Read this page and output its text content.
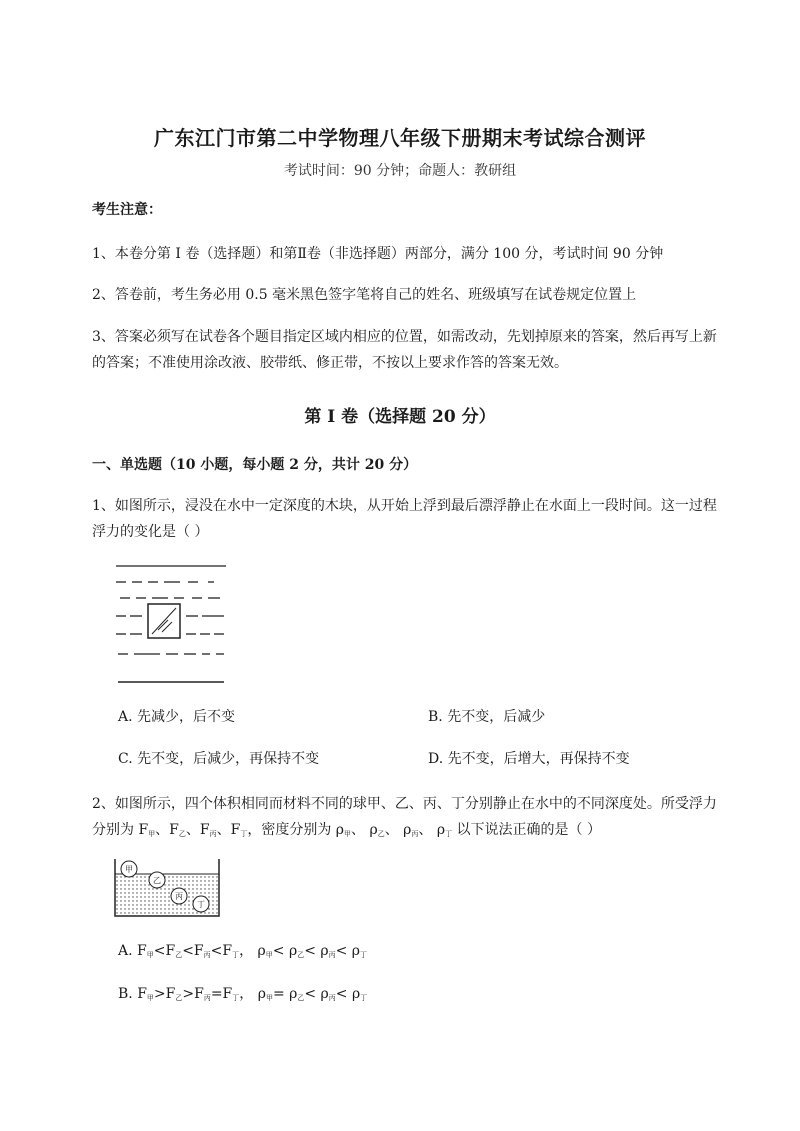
广东江门市第二中学物理八年级下册期末考试综合测评
考试时间：90 分钟；命题人：教研组
考生注意：
1、本卷分第 I 卷（选择题）和第Ⅱ卷（非选择题）两部分，满分 100 分，考试时间 90 分钟
2、答卷前，考生务必用 0.5 毫米黑色签字笔将自己的姓名、班级填写在试卷规定位置上
3、答案必须写在试卷各个题目指定区域内相应的位置，如需改动，先划掉原来的答案，然后再写上新
的答案；不准使用涂改液、胶带纸、修正带，不按以上要求作答的答案无效。
第 I 卷（选择题 20 分）
一、单选题（10 小题，每小题 2 分，共计 20 分）
1、如图所示，浸没在水中一定深度的木块，从开始上浮到最后漂浮静止在水面上一段时间。这一过程
浮力的变化是（ ）
A. 先减少，后不变	B. 先不变，后减少
C. 先不变，后减少，再保持不变	D. 先不变，后增大，再保持不变
2、如图所示，四个体积相同而材料不同的球甲、乙、丙、丁分别静止在水中的不同深度处。所受浮力
分别为 $F_甲$、$F_乙$、$F_丙$、$F_丁$，密度分别为 $\rho_甲$、 $\rho_乙$、 $\rho_丙$、 $\rho_丁$ 以下说法正确的是（ ）
甲
乙
丙
丁
A. $F_甲<F_乙<F_丙<F_丁$， $\rho_甲< \rho_乙< \rho_丙< \rho_丁$
B. $F_甲>F_乙>F_丙=F_丁$， $\rho_甲= \rho_乙< \rho_丙< \rho_丁$
